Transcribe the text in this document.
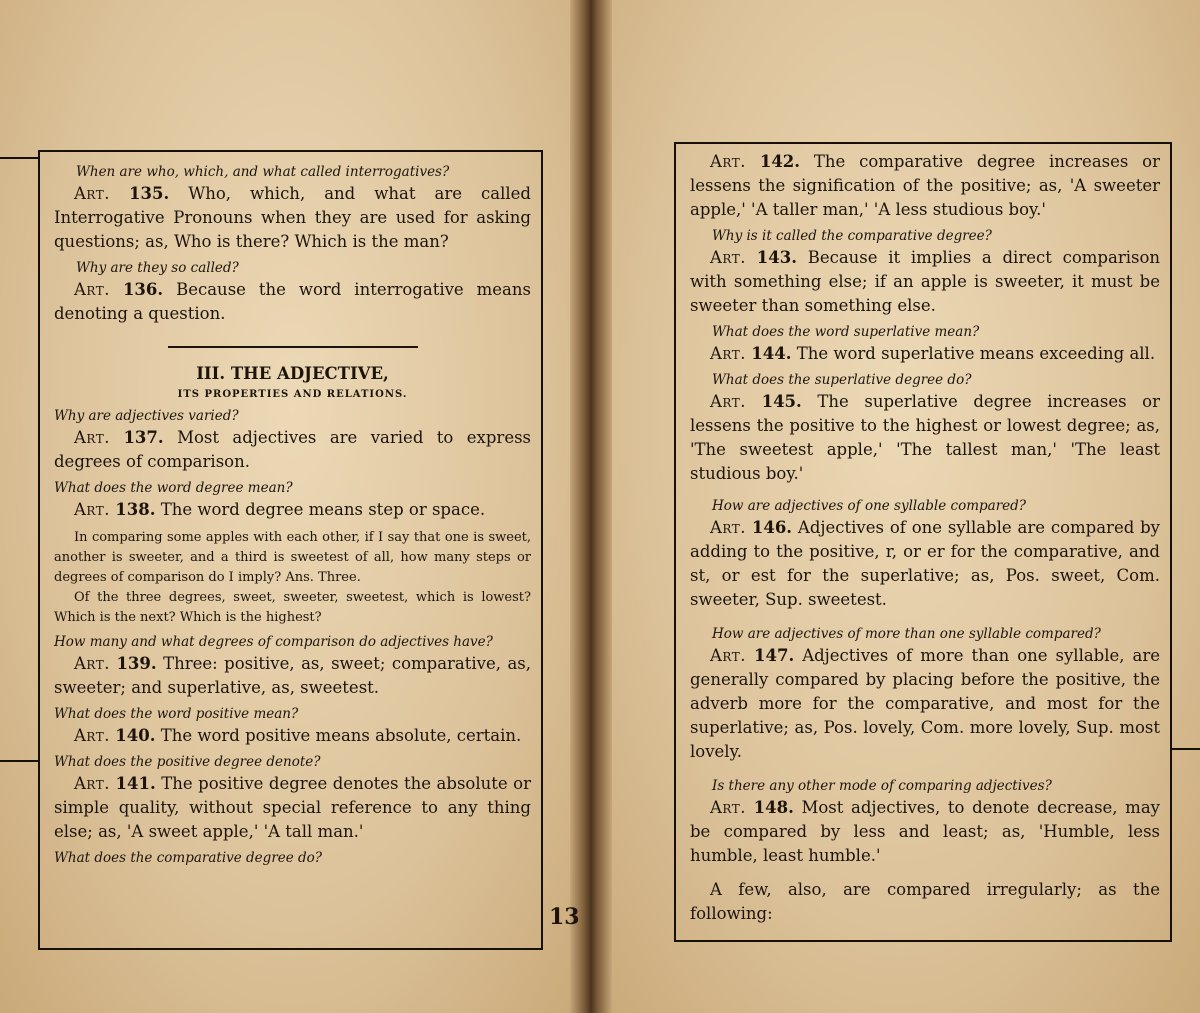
When are who, which, and what called interrogatives?

Art. 135. Who, which, and what are called Interrogative Pronouns when they are used for asking questions; as, Who is there? Which is the man?

Why are they so called?

Art. 136. Because the word interrogative means denoting a question.

III. THE ADJECTIVE,

ITS PROPERTIES AND RELATIONS.

Why are adjectives varied?

Art. 137. Most adjectives are varied to express degrees of comparison.

What does the word degree mean?

Art. 138. The word degree means step or space.

In comparing some apples with each other, if I say that one is sweet, another is sweeter, and a third is sweetest of all, how many steps or degrees of comparison do I imply? Ans. Three.

Of the three degrees, sweet, sweeter, sweetest, which is lowest? Which is the next? Which is the highest?

How many and what degrees of comparison do adjectives have?

Art. 139. Three: positive, as, sweet; comparative, as, sweeter; and superlative, as, sweetest.

What does the word positive mean?

Art. 140. The word positive means absolute, certain.

What does the positive degree denote?

Art. 141. The positive degree denotes the absolute or simple quality, without special reference to any thing else; as, 'A sweet apple,' 'A tall man.'

What does the comparative degree do?

13

Art. 142. The comparative degree increases or lessens the signification of the positive; as, 'A sweeter apple,' 'A taller man,' 'A less studious boy.'

Why is it called the comparative degree?

Art. 143. Because it implies a direct comparison with something else; if an apple is sweeter, it must be sweeter than something else.

What does the word superlative mean?

Art. 144. The word superlative means exceeding all.

What does the superlative degree do?

Art. 145. The superlative degree increases or lessens the positive to the highest or lowest degree; as, 'The sweetest apple,' 'The tallest man,' 'The least studious boy.'

How are adjectives of one syllable compared?

Art. 146. Adjectives of one syllable are compared by adding to the positive, r, or er for the comparative, and st, or est for the superlative; as, Pos. sweet, Com. sweeter, Sup. sweetest.

How are adjectives of more than one syllable compared?

Art. 147. Adjectives of more than one syllable, are generally compared by placing before the positive, the adverb more for the comparative, and most for the superlative; as, Pos. lovely, Com. more lovely, Sup. most lovely.

Is there any other mode of comparing adjectives?

Art. 148. Most adjectives, to denote decrease, may be compared by less and least; as, 'Humble, less humble, least humble.'

A few, also, are compared irregularly; as the following:
